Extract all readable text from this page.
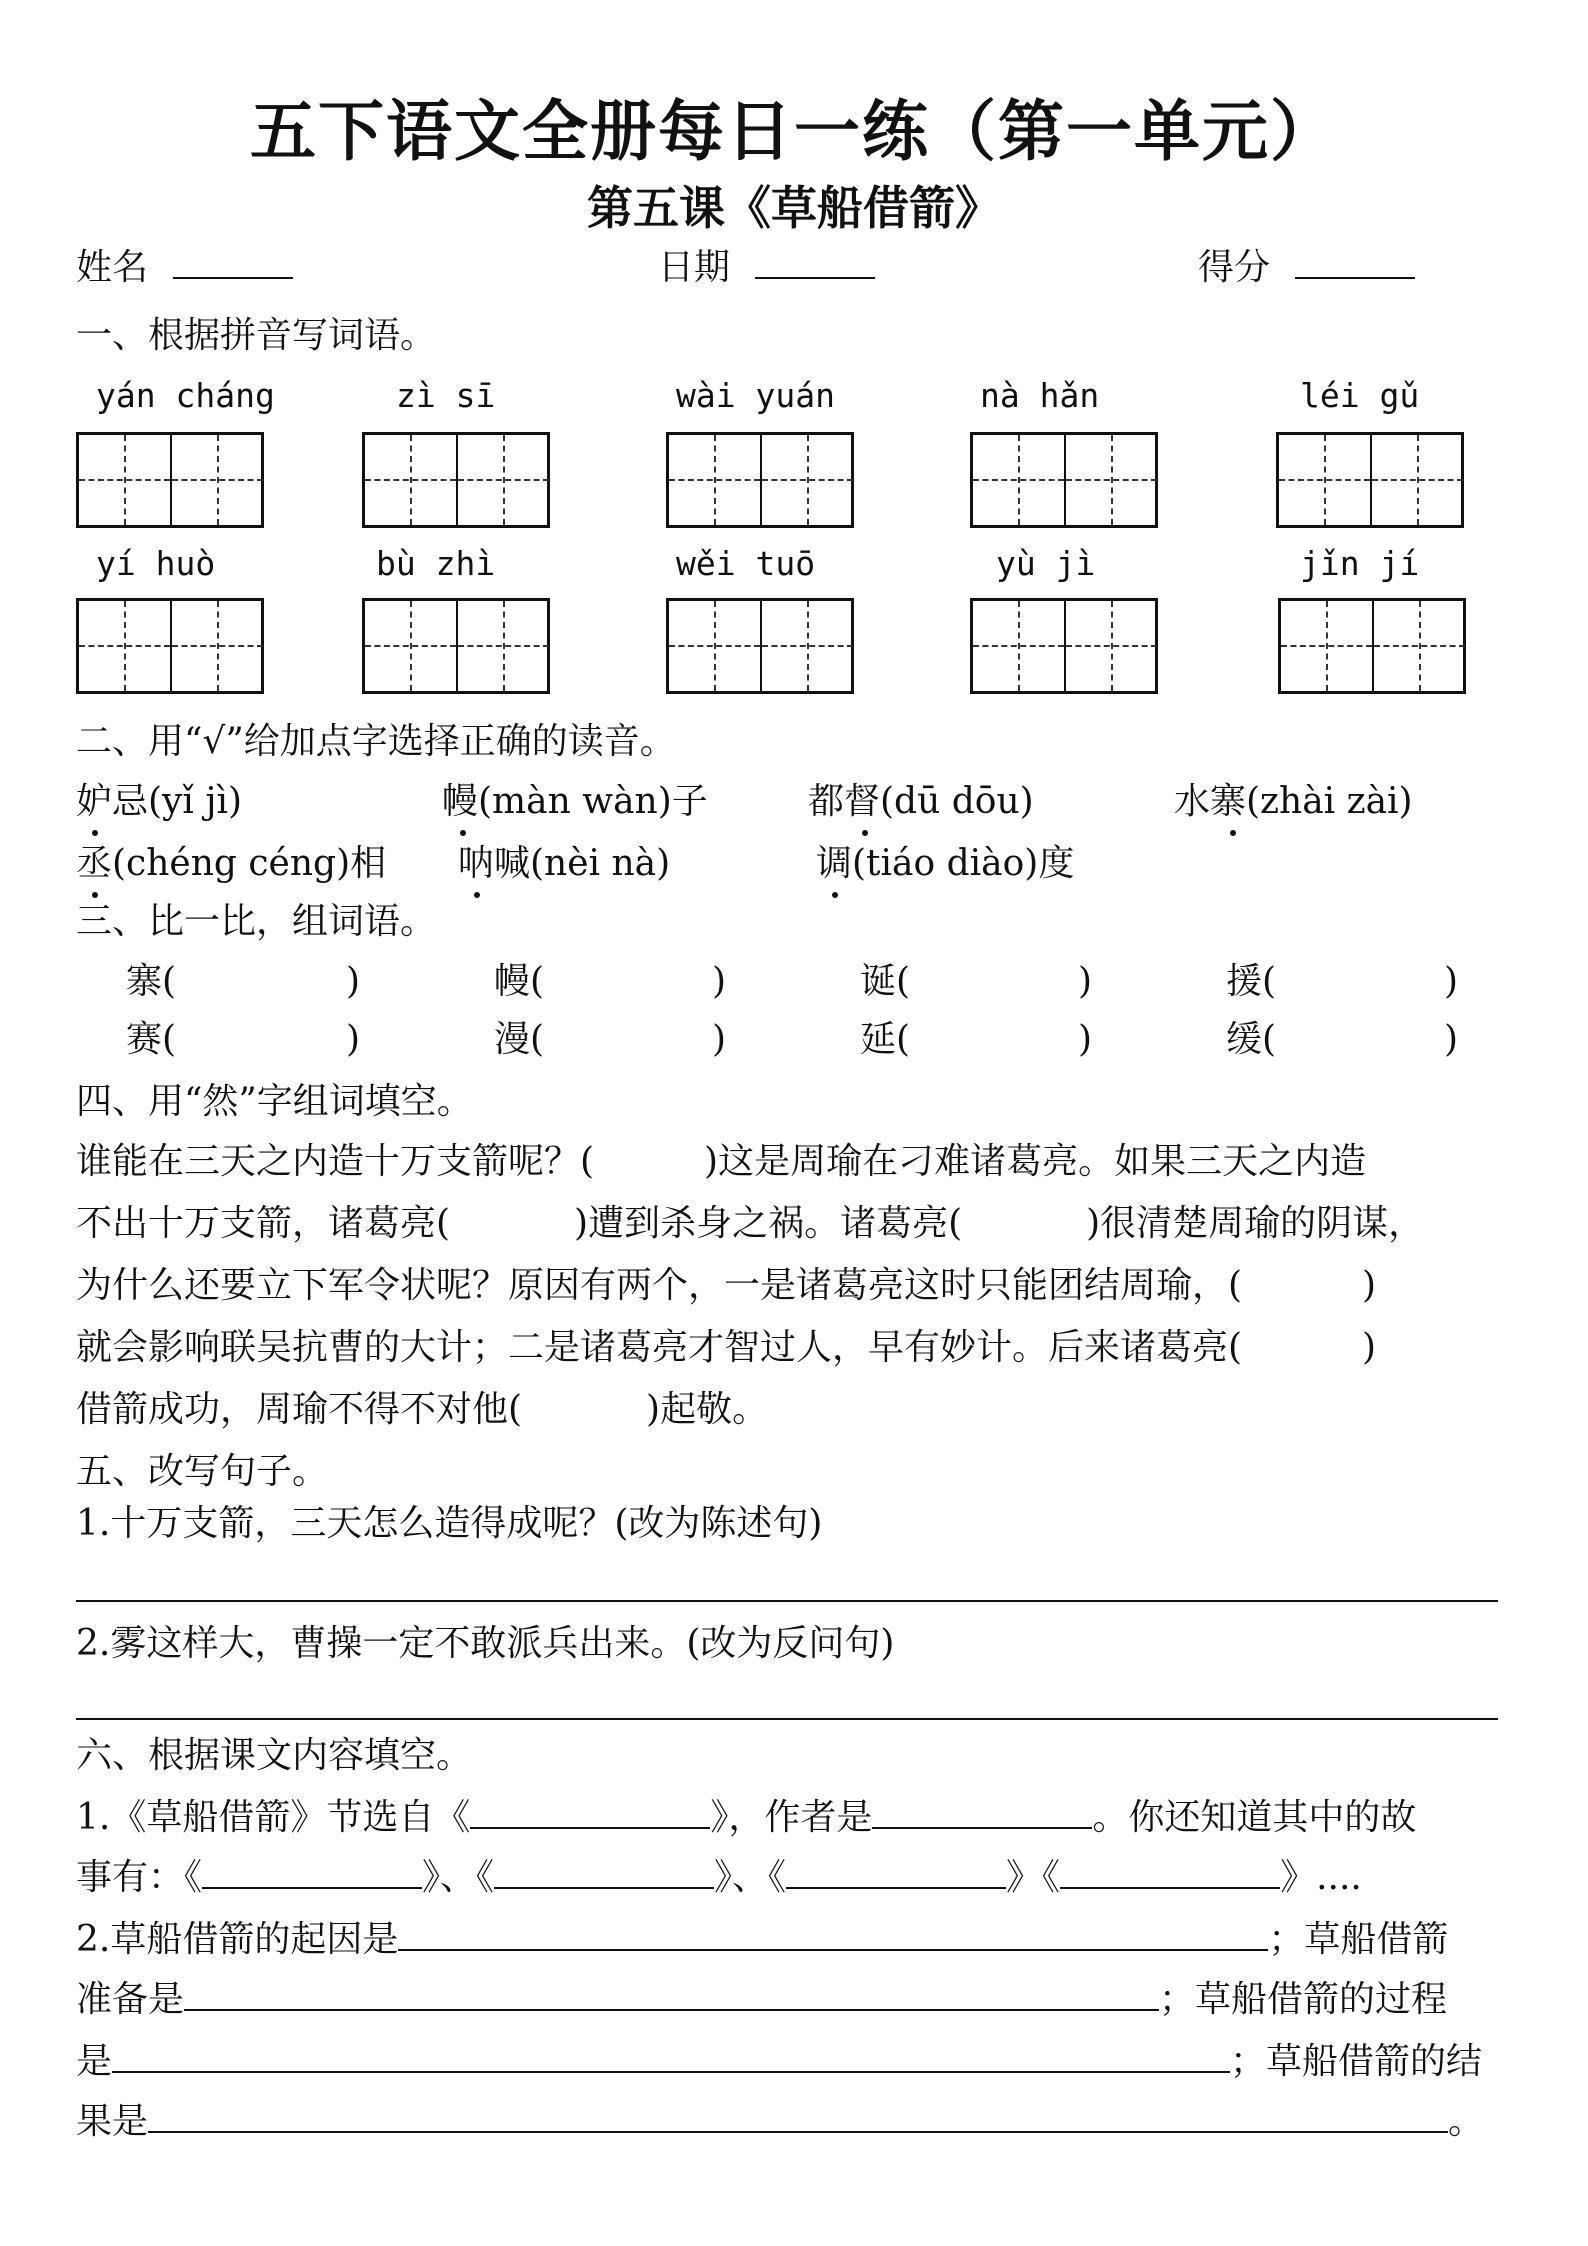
五下语文全册每日一练（第一单元）
第五课《草船借箭》
姓名	日期	得分
一、根据拼音写词语。
yán cháng	zì sī	wài yuán	nà hǎn	léi gǔ
yí huò	bù zhì	wěi tuō	yù jì	jǐn jí
二、用“√”给加点字选择正确的读音。
妒忌(yǐ jì)	幔(màn wàn)子	都督(dū dōu)	水寨(zhài zài)
丞(chéng céng)相 呐喊(nèi nà)	调(tiáo diào)度
三、比一比，组词语。
寨(	)	幔(	)	诞(	)	援(	)
赛(	)	漫(	)	延(	)	缓(	)
四、用“然”字组词填空。
谁能在三天之内造十万支箭呢？(	)这是周瑜在刁难诸葛亮。如果三天之内造
不出十万支箭，诸葛亮(	)遭到杀身之祸。诸葛亮(	)很清楚周瑜的阴谋，
为什么还要立下军令状呢？原因有两个，一是诸葛亮这时只能团结周瑜，(	)
就会影响联吴抗曹的大计；二是诸葛亮才智过人，早有妙计。后来诸葛亮(	)
借箭成功，周瑜不得不对他(	)起敬。
五、改写句子。
1.十万支箭，三天怎么造得成呢？(改为陈述句)
2.雾这样大，曹操一定不敢派兵出来。(改为反问句)
六、根据课文内容填空。
1.《草船借箭》节选自《	》，作者是	。你还知道其中的故
事有：《	》、《	》、《	》《	》....
2.草船借箭的起因是	；草船借箭
准备是	；草船借箭的过程
是	；草船借箭的结
果是	。
